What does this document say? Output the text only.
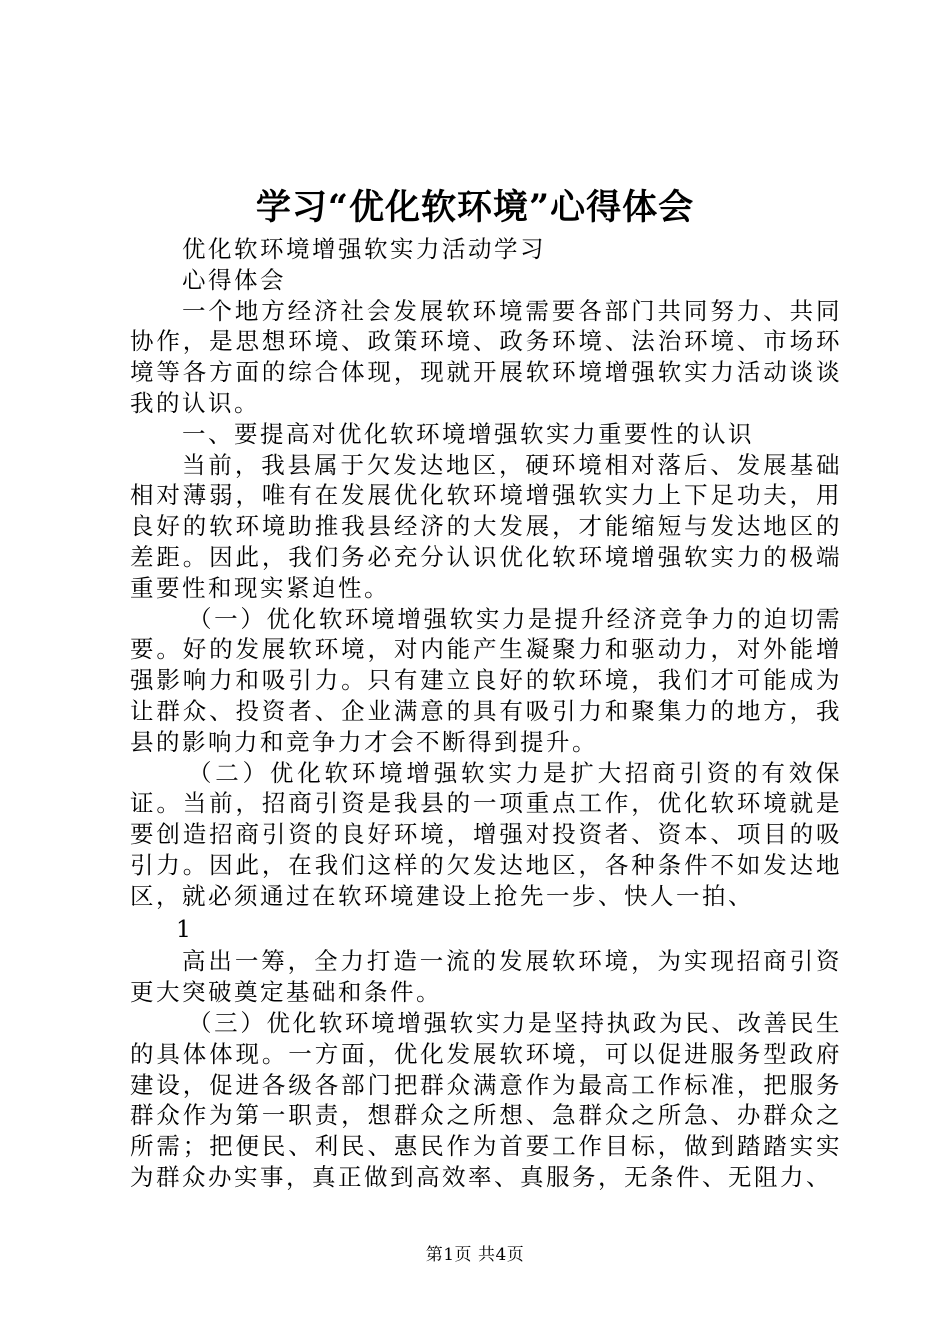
学习“优化软环境”心得体会

优化软环境增强软实力活动学习

心得体会

一个地方经济社会发展软环境需要各部门共同努力、共同协作，是思想环境、政策环境、政务环境、法治环境、市场环境等各方面的综合体现，现就开展软环境增强软实力活动谈谈我的认识。

一、要提高对优化软环境增强软实力重要性的认识

当前，我县属于欠发达地区，硬环境相对落后、发展基础相对薄弱，唯有在发展优化软环境增强软实力上下足功夫，用良好的软环境助推我县经济的大发展，才能缩短与发达地区的差距。因此，我们务必充分认识优化软环境增强软实力的极端重要性和现实紧迫性。

（一）优化软环境增强软实力是提升经济竞争力的迫切需要。好的发展软环境，对内能产生凝聚力和驱动力，对外能增强影响力和吸引力。只有建立良好的软环境，我们才可能成为让群众、投资者、企业满意的具有吸引力和聚集力的地方，我县的影响力和竞争力才会不断得到提升。

（二）优化软环境增强软实力是扩大招商引资的有效保证。当前，招商引资是我县的一项重点工作，优化软环境就是要创造招商引资的良好环境，增强对投资者、资本、项目的吸引力。因此，在我们这样的欠发达地区，各种条件不如发达地区，就必须通过在软环境建设上抢先一步、快人一拍、

1

高出一筹，全力打造一流的发展软环境，为实现招商引资更大突破奠定基础和条件。

（三）优化软环境增强软实力是坚持执政为民、改善民生的具体体现。一方面，优化发展软环境，可以促进服务型政府建设，促进各级各部门把群众满意作为最高工作标准，把服务群众作为第一职责，想群众之所想、急群众之所急、办群众之所需；把便民、利民、惠民作为首要工作目标，做到踏踏实实为群众办实事，真正做到高效率、真服务，无条件、无阻力、

第1页 共4页
